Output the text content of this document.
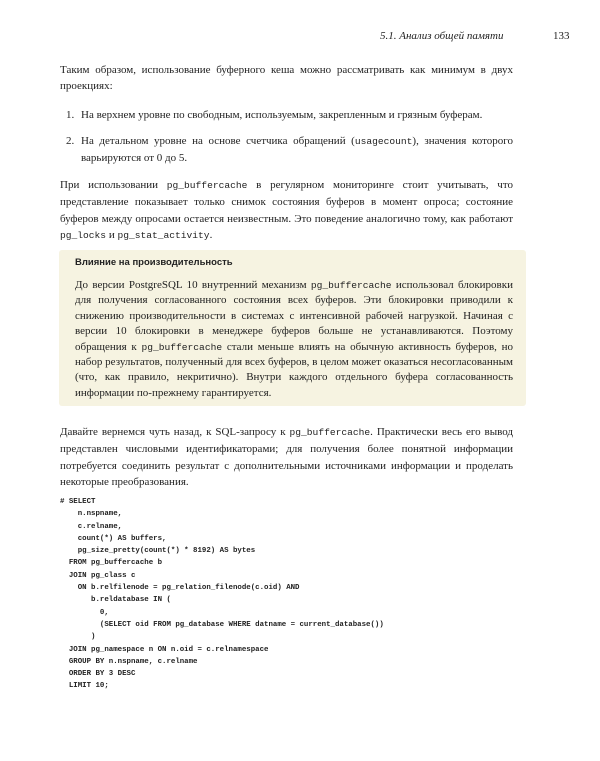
5.1. Анализ общей памяти	133

Таким образом, использование буферного кеша можно рассматривать как минимум в двух проекциях:

1. На верхнем уровне по свободным, используемым, закрепленным и грязным буферам.
2. На детальном уровне на основе счетчика обращений (usagecount), значения которого варьируются от 0 до 5.

При использовании pg_buffercache в регулярном мониторинге стоит учитывать, что представление показывает только снимок состояния буферов в момент опроса; состояние буферов между опросами остается неизвестным. Это поведение аналогично тому, как работают pg_locks и pg_stat_activity.

Влияние на производительность

До версии PostgreSQL 10 внутренний механизм pg_buffercache использовал блокировки для получения согласованного состояния всех буферов. Эти блокировки приводили к снижению производительности в системах с интенсивной рабочей нагрузкой. Начиная с версии 10 блокировки в менеджере буферов больше не устанавливаются. Поэтому обращения к pg_buffercache стали меньше влиять на обычную активность буферов, но набор результатов, полученный для всех буферов, в целом может оказаться несогласованным (что, как правило, некритично). Внутри каждого отдельного буфера согласованность информации по-прежнему гарантируется.

Давайте вернемся чуть назад, к SQL-запросу к pg_buffercache. Практически весь его вывод представлен числовыми идентификаторами; для получения более понятной информации потребуется соединить результат с дополнительными источниками информации и проделать некоторые преобразования.

# SELECT
n.nspname,
c.relname,
count(*) AS buffers,
pg_size_pretty(count(*) * 8192) AS bytes
FROM pg_buffercache b
JOIN pg_class c
ON b.relfilenode = pg_relation_filenode(c.oid) AND
b.reldatabase IN (
0,
(SELECT oid FROM pg_database WHERE datname = current_database())
)
JOIN pg_namespace n ON n.oid = c.relnamespace
GROUP BY n.nspname, c.relname
ORDER BY 3 DESC
LIMIT 10;
